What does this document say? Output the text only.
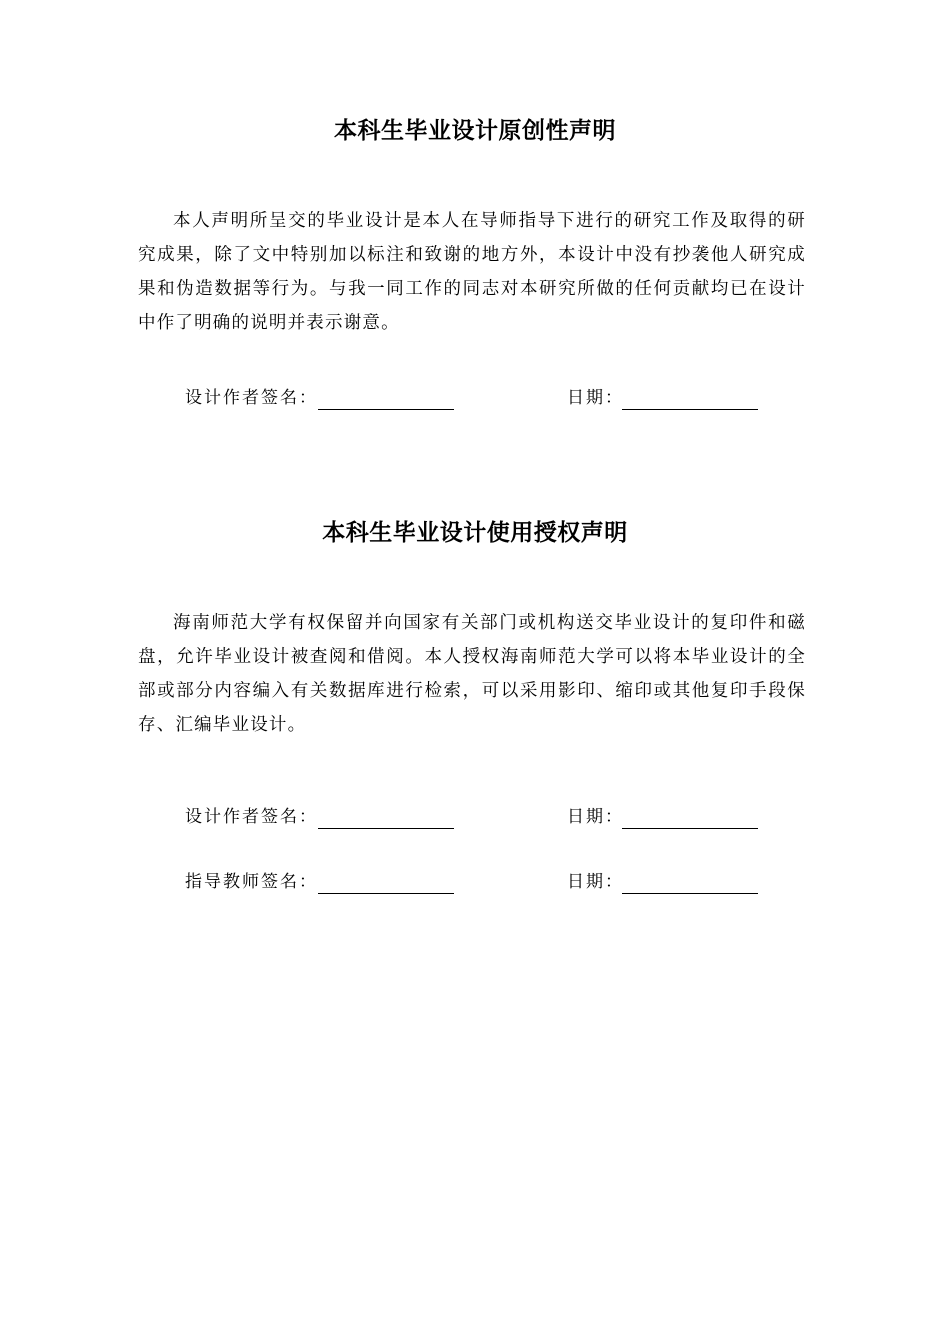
本科生毕业设计原创性声明

本人声明所呈交的毕业设计是本人在导师指导下进行的研究工作及取得的研究成果，除了文中特别加以标注和致谢的地方外，本设计中没有抄袭他人研究成果和伪造数据等行为。与我一同工作的同志对本研究所做的任何贡献均已在设计中作了明确的说明并表示谢意。

设计作者签名：	日期：
本科生毕业设计使用授权声明

海南师范大学有权保留并向国家有关部门或机构送交毕业设计的复印件和磁盘，允许毕业设计被查阅和借阅。本人授权海南师范大学可以将本毕业设计的全部或部分内容编入有关数据库进行检索，可以采用影印、缩印或其他复印手段保存、汇编毕业设计。

设计作者签名：	日期：
指导教师签名：	日期：
